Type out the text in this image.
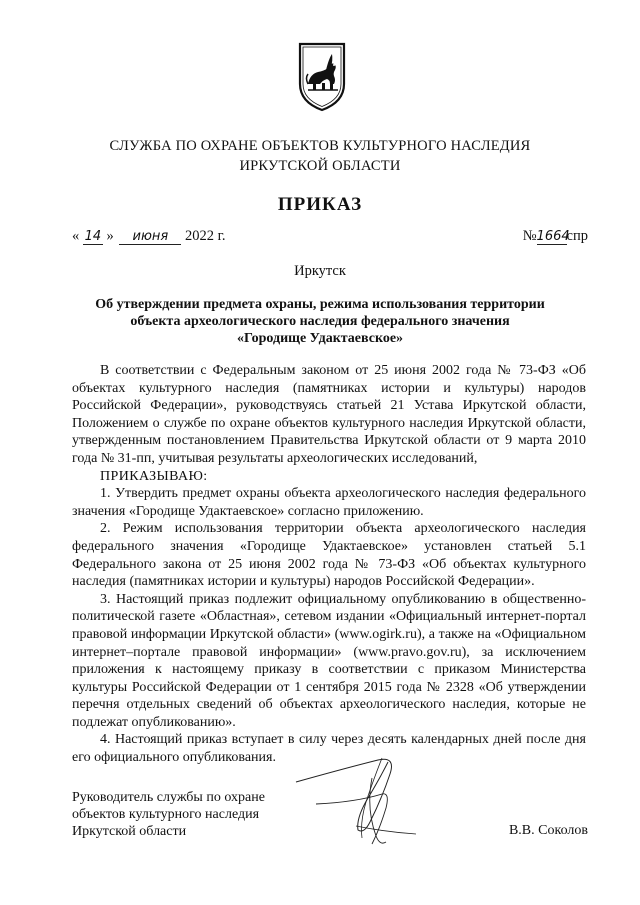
СЛУЖБА ПО ОХРАНЕ ОБЪЕКТОВ КУЛЬТУРНОГО НАСЛЕДИЯ
ИРКУТСКОЙ ОБЛАСТИ
ПРИКАЗ
« 14 » июня 2022 г.	№1664спр
Иркутск
Об утверждении предмета охраны, режима использования территории
объекта археологического наследия федерального значения
«Городище Удактаевское»

В соответствии с Федеральным законом от 25 июня 2002 года № 73-ФЗ «Об объектах культурного наследия (памятниках истории и культуры) народов Российской Федерации», руководствуясь статьей 21 Устава Иркутской области, Положением о службе по охране объектов культурного наследия Иркутской области, утвержденным постановлением Правительства Иркутской области от 9 марта 2010 года № 31-пп, учитывая результаты археологических исследований,

ПРИКАЗЫВАЮ:

1. Утвердить предмет охраны объекта археологического наследия федерального значения «Городище Удактаевское» согласно приложению.

2. Режим использования территории объекта археологического наследия федерального значения «Городище Удактаевское» установлен статьей 5.1 Федерального закона от 25 июня 2002 года № 73-ФЗ «Об объектах культурного наследия (памятниках истории и культуры) народов Российской Федерации».

3. Настоящий приказ подлежит официальному опубликованию в общественно-политической газете «Областная», сетевом издании «Официальный интернет-портал правовой информации Иркутской области» (www.ogirk.ru), а также на «Официальном интернет–портале правовой информации» (www.pravo.gov.ru), за исключением приложения к настоящему приказу в соответствии с приказом Министерства культуры Российской Федерации от 1 сентября 2015 года № 2328 «Об утверждении перечня отдельных сведений об объектах археологического наследия, которые не подлежат опубликованию».

4. Настоящий приказ вступает в силу через десять календарных дней после дня его официального опубликования.

Руководитель службы по охране
объектов культурного наследия
Иркутской области	В.В. Соколов
